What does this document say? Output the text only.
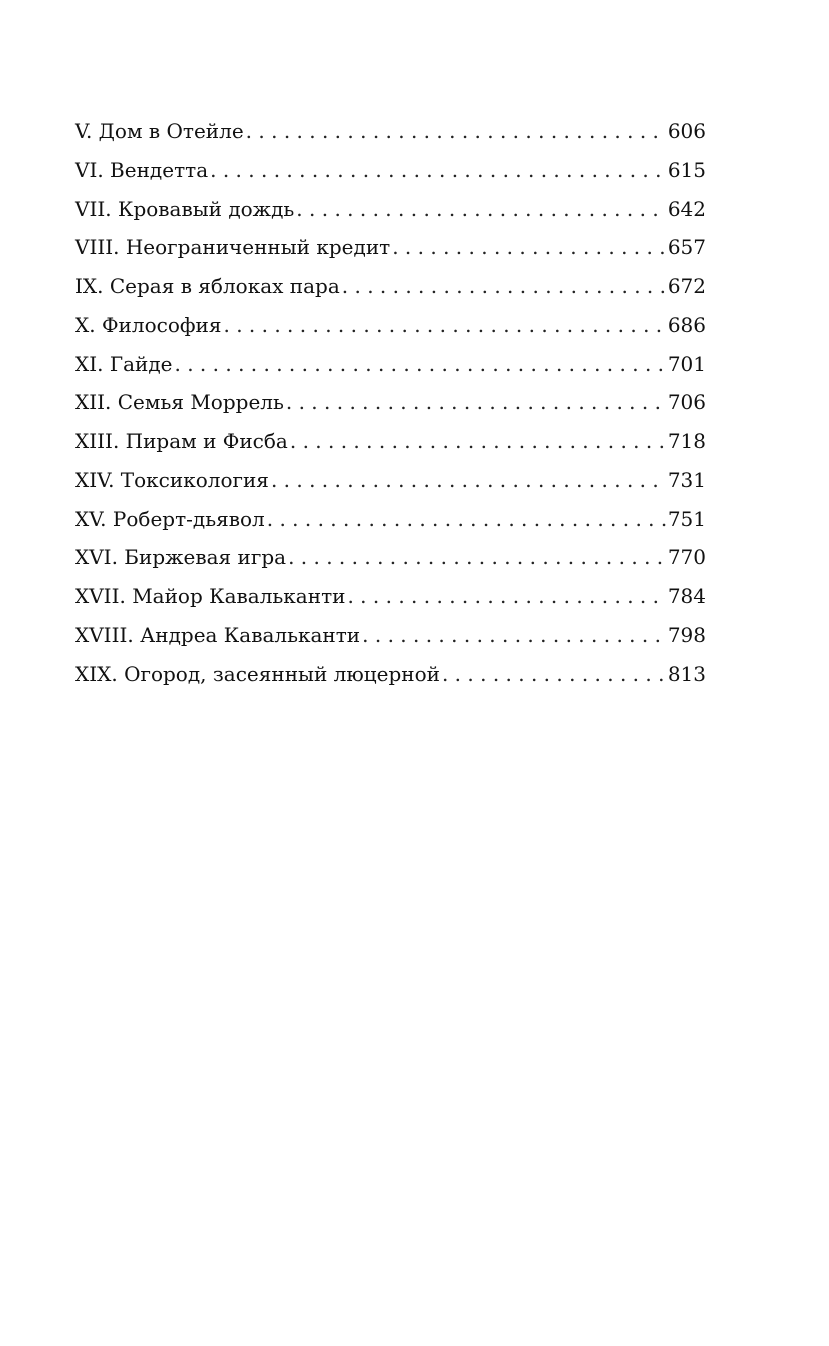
V. Дом в Отейле . . .	606
VI. Вендетта . . .	615
VII. Кровавый дождь . . .	642
VIII. Неограниченный кредит . . .	657
IX. Серая в яблоках пара . . .	672
X. Философия . . .	686
XI. Гайде . . .	701
XII. Семья Моррель . . .	706
XIII. Пирам и Фисба . . .	718
XIV. Токсикология . . .	731
XV. Роберт-дьявол . . .	751
XVI. Биржевая игра . . .	770
XVII. Майор Кавальканти . . .	784
XVIII. Андреа Кавальканти . . .	798
XIX. Огород, засеянный люцерной . . .	813
